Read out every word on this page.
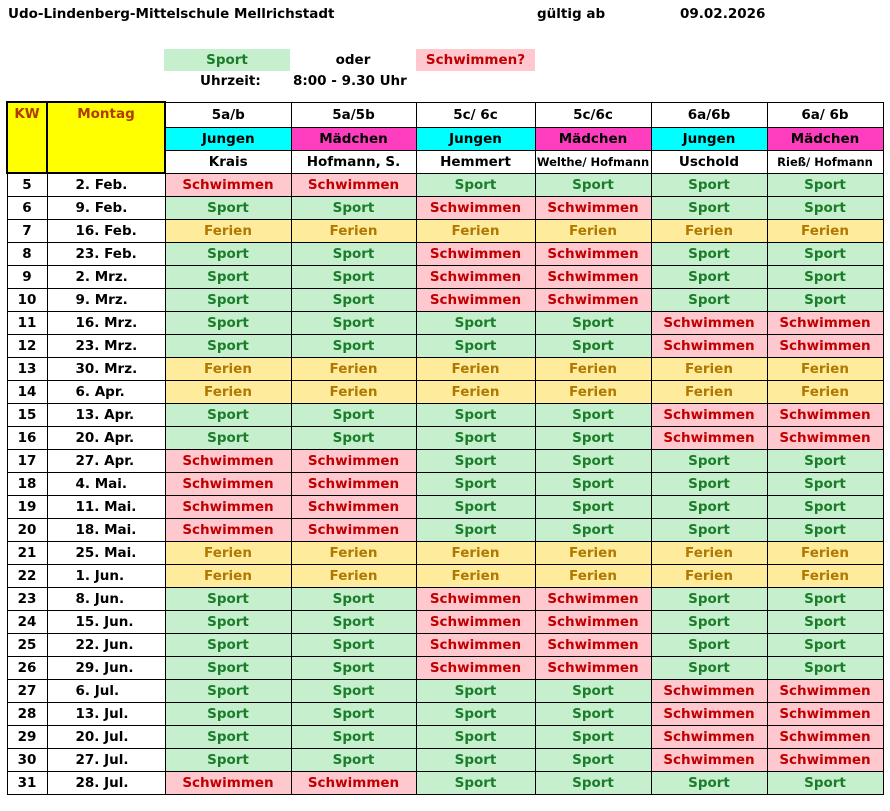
Udo-Lindenberg-Mittelschule Mellrichstadt	gültig ab	09.02.2026
Sport	oder	Schwimmen?
Uhrzeit: 8:00 - 9.30 Uhr
KW	Montag	5a/b	5a/5b	5c/ 6c	5c/6c	6a/6b	6a/ 6b
		Jungen	Mädchen	Jungen	Mädchen	Jungen	Mädchen
		Krais	Hofmann, S.	Hemmert	Welthe/ Hofmann	Uschold	Rieß/ Hofmann
5	2. Feb.	Schwimmen	Schwimmen	Sport	Sport	Sport	Sport
6	9. Feb.	Sport	Sport	Schwimmen	Schwimmen	Sport	Sport
7	16. Feb.	Ferien	Ferien	Ferien	Ferien	Ferien	Ferien
8	23. Feb.	Sport	Sport	Schwimmen	Schwimmen	Sport	Sport
9	2. Mrz.	Sport	Sport	Schwimmen	Schwimmen	Sport	Sport
10	9. Mrz.	Sport	Sport	Schwimmen	Schwimmen	Sport	Sport
11	16. Mrz.	Sport	Sport	Sport	Sport	Schwimmen	Schwimmen
12	23. Mrz.	Sport	Sport	Sport	Sport	Schwimmen	Schwimmen
13	30. Mrz.	Ferien	Ferien	Ferien	Ferien	Ferien	Ferien
14	6. Apr.	Ferien	Ferien	Ferien	Ferien	Ferien	Ferien
15	13. Apr.	Sport	Sport	Sport	Sport	Schwimmen	Schwimmen
16	20. Apr.	Sport	Sport	Sport	Sport	Schwimmen	Schwimmen
17	27. Apr.	Schwimmen	Schwimmen	Sport	Sport	Sport	Sport
18	4. Mai.	Schwimmen	Schwimmen	Sport	Sport	Sport	Sport
19	11. Mai.	Schwimmen	Schwimmen	Sport	Sport	Sport	Sport
20	18. Mai.	Schwimmen	Schwimmen	Sport	Sport	Sport	Sport
21	25. Mai.	Ferien	Ferien	Ferien	Ferien	Ferien	Ferien
22	1. Jun.	Ferien	Ferien	Ferien	Ferien	Ferien	Ferien
23	8. Jun.	Sport	Sport	Schwimmen	Schwimmen	Sport	Sport
24	15. Jun.	Sport	Sport	Schwimmen	Schwimmen	Sport	Sport
25	22. Jun.	Sport	Sport	Schwimmen	Schwimmen	Sport	Sport
26	29. Jun.	Sport	Sport	Schwimmen	Schwimmen	Sport	Sport
27	6. Jul.	Sport	Sport	Sport	Sport	Schwimmen	Schwimmen
28	13. Jul.	Sport	Sport	Sport	Sport	Schwimmen	Schwimmen
29	20. Jul.	Sport	Sport	Sport	Sport	Schwimmen	Schwimmen
30	27. Jul.	Sport	Sport	Sport	Sport	Schwimmen	Schwimmen
31	28. Jul.	Schwimmen	Schwimmen	Sport	Sport	Sport	Sport
